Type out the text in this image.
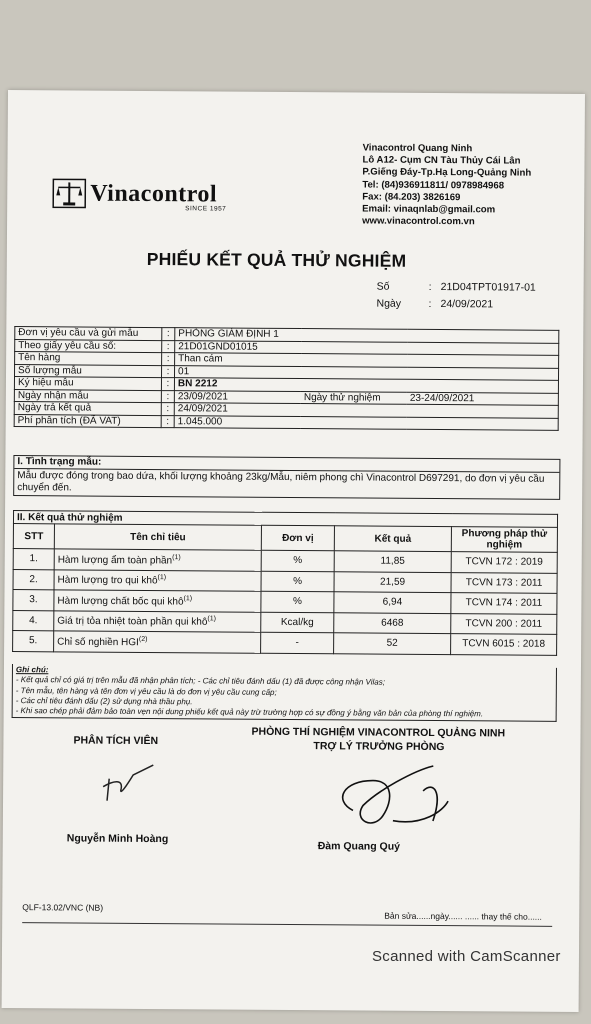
Vinacontrol Quang Ninh
Lô A12- Cụm CN Tàu Thủy Cái Lân
P.Giếng Đáy-Tp.Hạ Long-Quảng Ninh
Tel: (84)936911811/ 0978984968
Fax: (84.203) 3826169
Email: vinaqnlab@gmail.com
www.vinacontrol.com.vn
Vinacontrol
SINCE 1957
PHIẾU KẾT QUẢ THỬ NGHIỆM
Số	: 21D04TPT01917-01
Ngày	: 24/09/2021
Đơn vị yêu cầu và gửi mẫu	:	PHÒNG GIÁM ĐỊNH 1		
Theo giấy yêu cầu số:	:	21D01GND01015		
Tên hàng	:	Than cám		
Số lượng mẫu	:	01		
Ký hiệu mẫu	:	BN 2212		
Ngày nhận mẫu	:	23/09/2021	Ngày thử nghiệm	23-24/09/2021
Ngày trả kết quả	:	24/09/2021		
Phí phân tích (ĐÃ VAT)	:	1.045.000		
I. Tình trạng mẫu:
Mẫu được đóng trong bao dứa, khối lượng khoảng 23kg/Mẫu, niêm phong chì Vinacontrol D697291, do đơn vị yêu cầu chuyển đến.
II. Kết quả thử nghiệm				
STT	Tên chỉ tiêu	Đơn vị	Kết quả	Phương pháp thử nghiệm
1.	Hàm lượng ẩm toàn phần$^{(1)}$	%	11,85	TCVN 172 : 2019
2.	Hàm lượng tro qui khô$^{(1)}$	%	21,59	TCVN 173 : 2011
3.	Hàm lượng chất bốc qui khô$^{(1)}$	%	6,94	TCVN 174 : 2011
4.	Giá trị tỏa nhiệt toàn phần qui khô$^{(1)}$	Kcal/kg	6468	TCVN 200 : 2011
5.	Chỉ số nghiền HGI$^{(2)}$	-	52	TCVN 6015 : 2018
Ghi chú:
- Kết quả chỉ có giá trị trên mẫu đã nhận phân tích; - Các chỉ tiêu đánh dấu (1) đã được công nhận Vilas;
- Tên mẫu, tên hàng và tên đơn vị yêu cầu là do đơn vị yêu cầu cung cấp;
- Các chỉ tiêu đánh dấu (2) sử dụng nhà thầu phụ.
- Khi sao chép phải đảm bảo toàn vẹn nội dung phiếu kết quả này trừ trường hợp có sự đồng ý bằng văn bản của phòng thí nghiệm.
PHÒNG THÍ NGHIỆM VINACONTROL QUẢNG NINH
TRỢ LÝ TRƯỞNG PHÒNG
PHÂN TÍCH VIÊN
Nguyễn Minh Hoàng
Đàm Quang Quý
QLF-13.02/VNC (NB)
Bản sửa......ngày...... ...... thay thế cho......
Scanned with CamScanner
